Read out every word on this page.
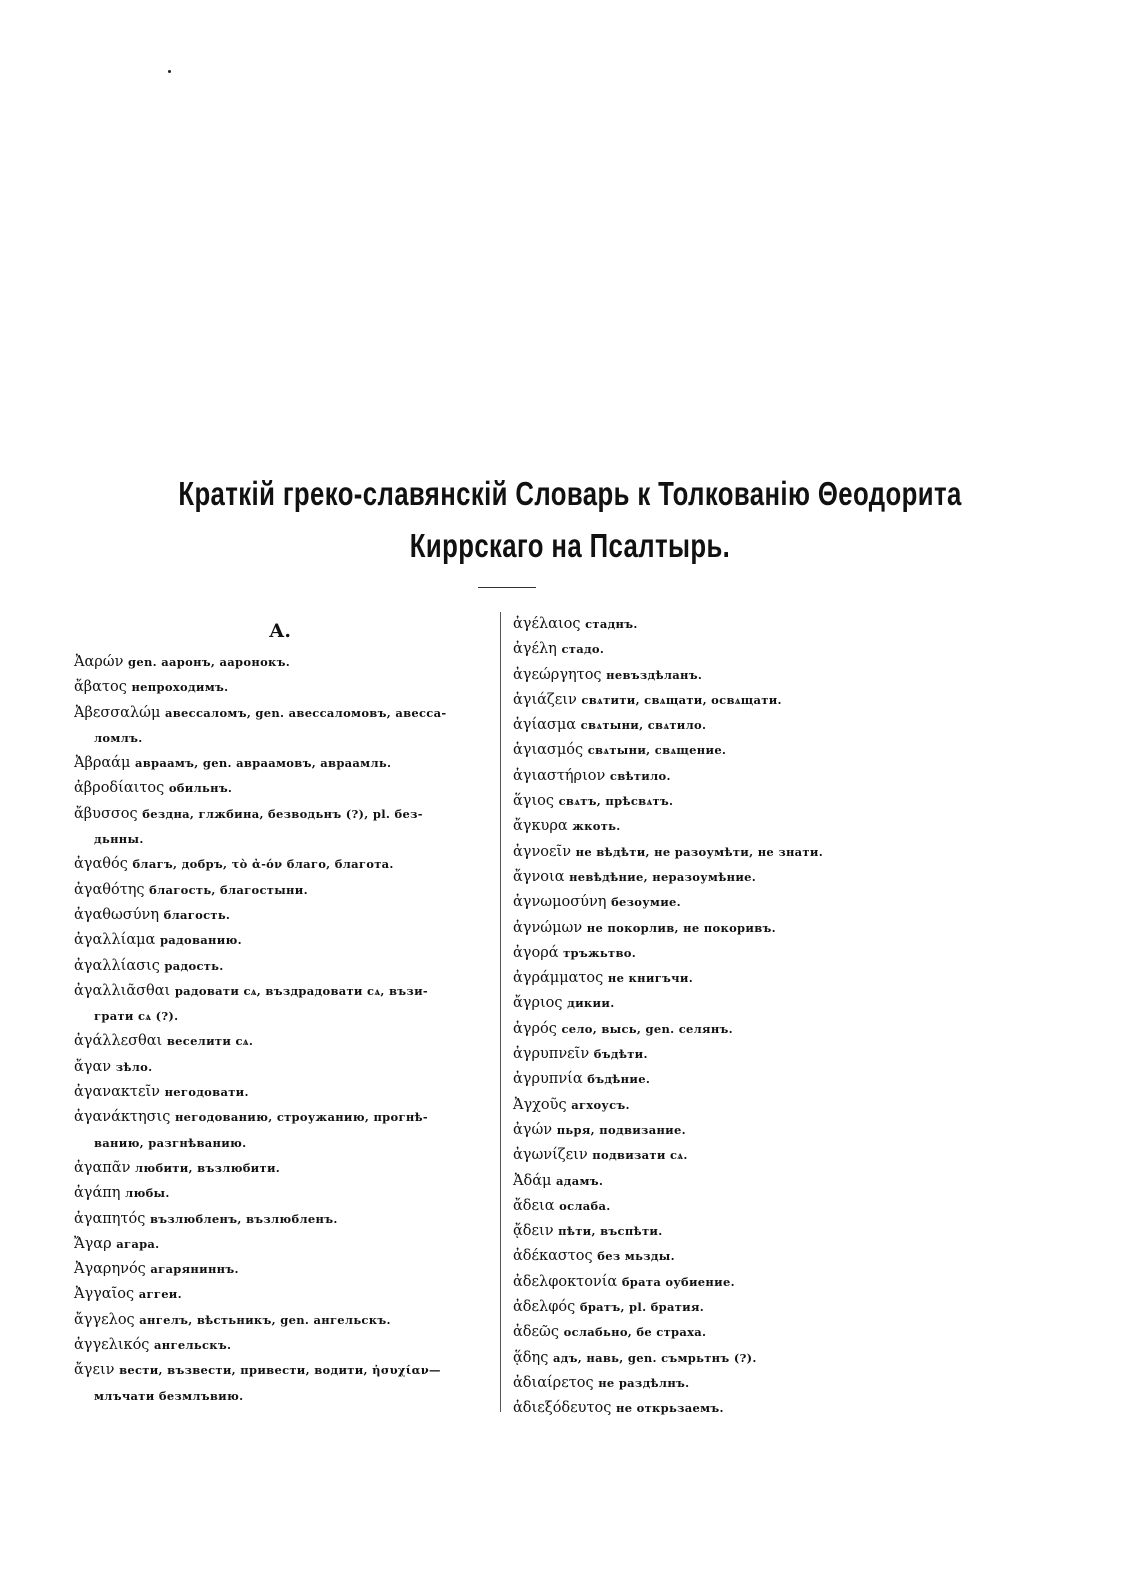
Краткій греко-славянскій Словарь к Толкованію Θеодорита
Киррскаго на Псалтырь.
А.
Ἀαρών gen. ааронъ, ааронокъ.
ἄβατος непроходимъ.
Ἀβεσσαλώμ авессаломъ, gen. авессаломовъ, авесса-
ломлъ.
Ἀβραάμ авраамъ, gen. авраамовъ, авраамль.
ἀβροδίαιτος обильнъ.
ἄβυσσος бездна, глжбина, безводьнъ (?), pl. без-
дьнны.
ἀγαθός благъ, добръ, τὸ ἀ-όν благо, благота.
ἀγαθότης благость, благостыни.
ἀγαθωσύνη благость.
ἀγαλλίαμα радованию.
ἀγαλλίασις радость.
ἀγαλλιᾶσθαι радовати сѧ, въздрадовати сѧ, възи-
грати сѧ (?).
ἀγάλλεσθαι веселити сѧ.
ἄγαν зѣло.
ἀγανακτεῖν негодовати.
ἀγανάκτησις негодованию, строужанию, прогнѣ-
ванию, разгнѣванию.
ἀγαπᾶν любити, възлюбити.
ἀγάπη любы.
ἀγαπητός възлюбленъ, възлюбленъ.
Ἄγαρ агара.
Ἀγαρηνός агаряниннъ.
Ἀγγαῖος аггеи.
ἄγγελος ангелъ, вѣстьникъ, gen. ангельскъ.
ἀγγελικός ангельскъ.
ἄγειν вести, възвести, привести, водити, ἡσυχίαν—
млъчати безмлъвию.
ἀγέλαιος стаднъ.
ἀγέλη стадо.
ἀγεώργητος невъздѣланъ.
ἁγιάζειν свѧтити, свѧщати, освѧщати.
ἁγίασμα свѧтыни, свѧтило.
ἁγιασμός свѧтыни, свѧщение.
ἁγιαστήριον свѣтило.
ἅγιος свѧтъ, прѣсвѧтъ.
ἄγκυρα жкоть.
ἀγνοεῖν не вѣдѣти, не разоумѣти, не знати.
ἄγνοια невѣдѣние, неразоумѣние.
ἀγνωμοσύνη безоумие.
ἀγνώμων не покорлив, не покоривъ.
ἀγορά тръжьтво.
ἀγράμματος не книгъчи.
ἄγριος дикии.
ἀγρός село, высь, gen. селянъ.
ἀγρυπνεῖν бъдѣти.
ἀγρυπνία бъдѣние.
Ἀγχοῦς агхоусъ.
ἀγών пьря, подвизание.
ἀγωνίζειν подвизати сѧ.
Ἀδάμ адамъ.
ἄδεια ослаба.
ᾄδειν пѣти, въспѣти.
ἀδέκαστος без мьзды.
ἀδελφοκτονία брата оубиение.
ἀδελφός братъ, pl. братия.
ἀδεῶς ослабьно, бе страха.
ᾅδης адъ, навь, gen. съмрьтнъ (?).
ἀδιαίρετος не раздѣлнъ.
ἀδιεξόδευτος не открьзаемъ.
